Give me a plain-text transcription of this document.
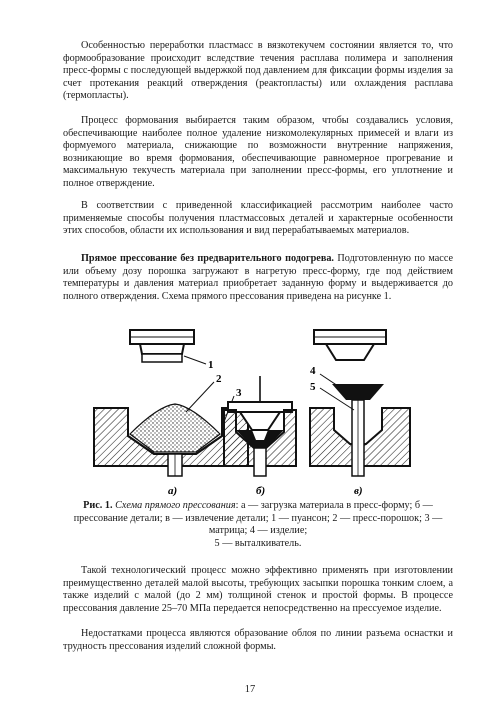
Особенностью переработки пластмасс в вязкотекучем состоянии является то, что формообразование происходит вследствие течения расплава полимера и заполнения пресс-формы с последующей выдержкой под давлением для фиксации формы изделия за счет протекания реакций отверждения (реактопласты) или охлаждения расплава (термопласты).

Процесс формования выбирается таким образом, чтобы создавались условия, обеспечивающие наиболее полное удаление низкомолекулярных примесей и влаги из формуемого материала, снижающие по возможности внутренние напряжения, возникающие во время формования, обеспечивающие равномерное прогревание и максимальную текучесть материала при заполнении пресс-формы, его уплотнение и полное отверждение.

В соответствии с приведенной классификацией рассмотрим наиболее часто применяемые способы получения пластмассовых деталей и характерные особенности этих способов, области их использования и вид перерабатываемых материалов.

Прямое прессование без предварительного подогрева. Подготовленную по массе или объему дозу порошка загружают в нагретую пресс-форму, где под действием температуры и давления материал приобретает заданную форму и выдерживается до полного отверждения. Схема прямого прессования приведена на рисунке 1.

1
2
3
а)	б)
4
5
в)

Рис. 1. Схема прямого прессования: а — загрузка материала в пресс-форму; б — прессование детали; в — извлечение детали; 1 — пуансон; 2 — пресс-порошок; 3 — матрица; 4 — изделие;
5 — выталкиватель.

Такой технологический процесс можно эффективно применять при изготовлении преимущественно деталей малой высоты, требующих засыпки порошка тонким слоем, а также изделий с малой (до 2 мм) толщиной стенок и простой формы. В процессе прессования давление 25–70 МПа передается непосредственно на прессуемое изделие.

Недостатками процесса являются образование облоя по линии разъема оснастки и трудность прессования изделий сложной формы.

17
